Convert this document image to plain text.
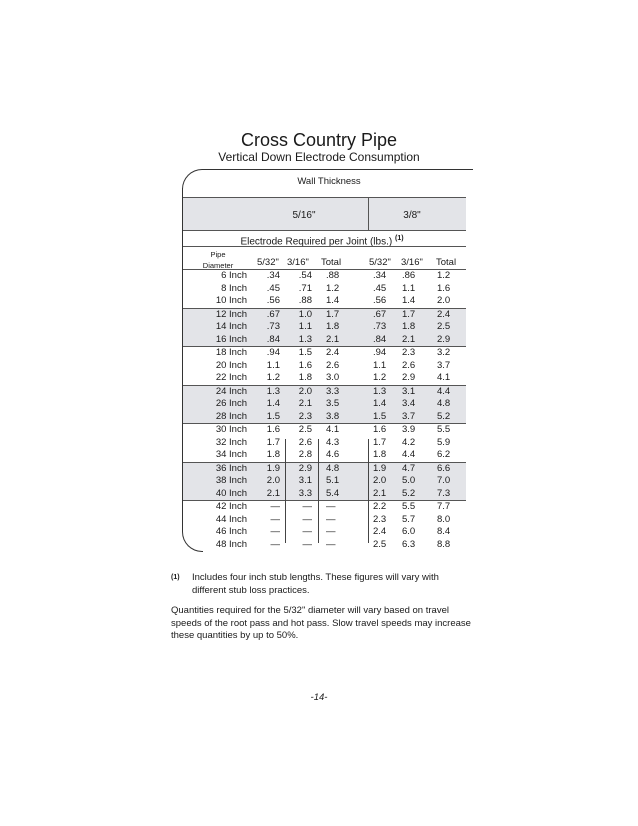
Cross Country Pipe
Vertical Down Electrode Consumption
Wall Thickness
5/16"	3/8"
Electrode Required per Joint (lbs.) $^{(1)}$
Pipe
Diameter	5/32" 3/16" Total	5/32" 3/16" Total
6 Inch	.34	.54 .88	.34 .86 1.2
8 Inch	.45	.71 1.2	.45 1.1 1.6
10 Inch	.56	.88 1.4	.56 1.4 2.0
12 Inch	.67	1.0 1.7	.67 1.7 2.4
14 Inch	.73	1.1 1.8	.73 1.8 2.5
16 Inch	.84	1.3 2.1	.84 2.1 2.9
18 Inch	.94	1.5 2.4	.94 2.3 3.2
20 Inch	1.1	1.6 2.6	1.1 2.6 3.7
22 Inch	1.2	1.8 3.0	1.2 2.9 4.1
24 Inch	1.3	2.0 3.3	1.3 3.1 4.4
26 Inch	1.4	2.1 3.5	1.4 3.4 4.8
28 Inch	1.5	2.3 3.8	1.5 3.7 5.2
30 Inch	1.6	2.5 4.1	1.6 3.9 5.5
32 Inch	1.7	2.6 4.3	1.7 4.2 5.9
34 Inch	1.8	2.8 4.6	1.8 4.4 6.2
36 Inch	1.9	2.9 4.8	1.9 4.7 6.6
38 Inch	2.0	3.1 5.1	2.0 5.0 7.0
40 Inch	2.1	3.3 5.4	2.1 5.2 7.3
42 Inch	—	— —	2.2 5.5 7.7
44 Inch	—	— —	2.3 5.7 8.0
46 Inch	—	— —	2.4 6.0 8.4
48 Inch	—	— —	2.5 6.3 8.8
(1)	Includes four inch stub lengths. These figures will vary with different stub loss practices.
Quantities required for the 5/32" diameter will vary based on travel speeds of the root pass and hot pass. Slow travel speeds may increase these quantities by up to 50%.
-14-
